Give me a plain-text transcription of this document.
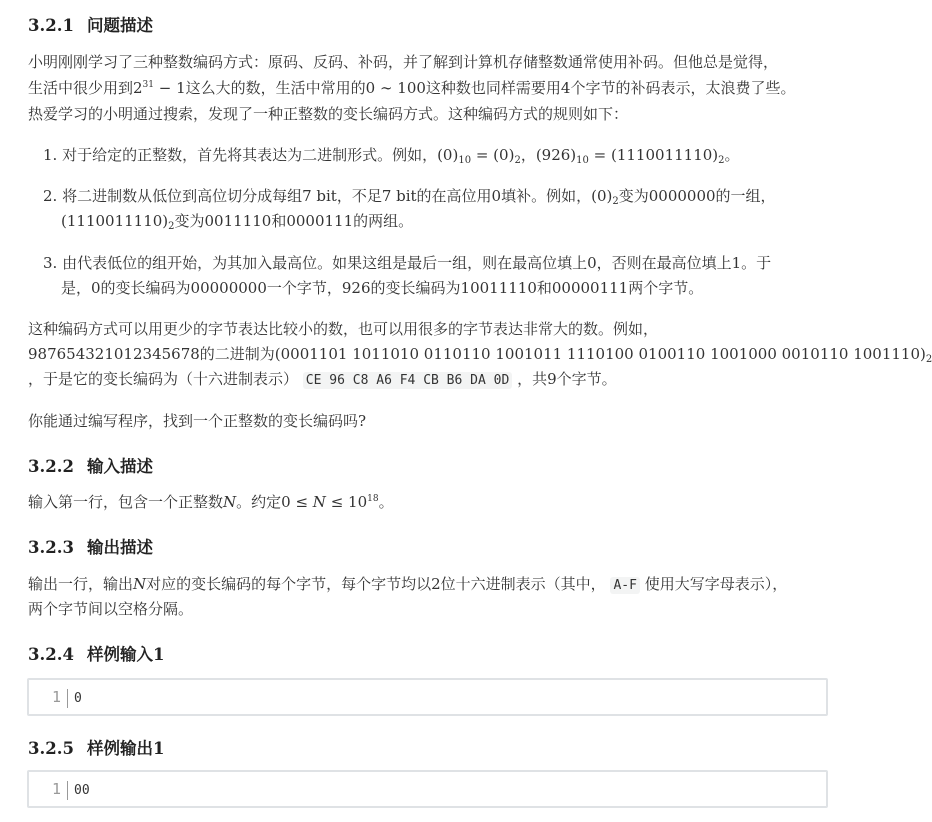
3.2.1 问题描述

小明刚刚学习了三种整数编码方式：原码、反码、补码，并了解到计算机存储整数通常使用补码。但他总是觉得，

生活中很少用到$2^{31} - 1$这么大的数，生活中常用的0 ∼ 100这种数也同样需要用4个字节的补码表示，太浪费了些。

热爱学习的小明通过搜索，发现了一种正整数的变长编码方式。这种编码方式的规则如下：

1. 对于给定的正整数，首先将其表达为二进制形式。例如，$(0)_{10} = (0)_2$，$(926)_{10} = (1110011110)_2$。

2. 将二进制数从低位到高位切分成每组7 bit，不足7 bit的在高位用0填补。例如，$(0)_2$变为0000000的一组，

$(1110011110)_2$变为0011110和0000111的两组。

3. 由代表低位的组开始，为其加入最高位。如果这组是最后一组，则在最高位填上0，否则在最高位填上1。于

是，0的变长编码为00000000一个字节，926的变长编码为10011110和00000111两个字节。

这种编码方式可以用更少的字节表达比较小的数，也可以用很多的字节表达非常大的数。例如，

987654321012345678的二进制为(0001101 1011010 0110110 1001011 1110100 0100110 1001000 0010110 $1001110)_2$

，于是它的变长编码为（十六进制表示） CE 96 C8 A6 F4 CB B6 DA 0D ，共9个字节。

你能通过编写程序，找到一个正整数的变长编码吗?

3.2.2 输入描述

输入第一行，包含一个正整数N。约定$0 \le N \le 10^{18}$。

3.2.3 输出描述

输出一行，输出N对应的变长编码的每个字节，每个字节均以2位十六进制表示（其中， A-F 使用大写字母表示），

两个字节间以空格分隔。

3.2.4 样例输入1
1	0
3.2.5 样例输出1
1	00
